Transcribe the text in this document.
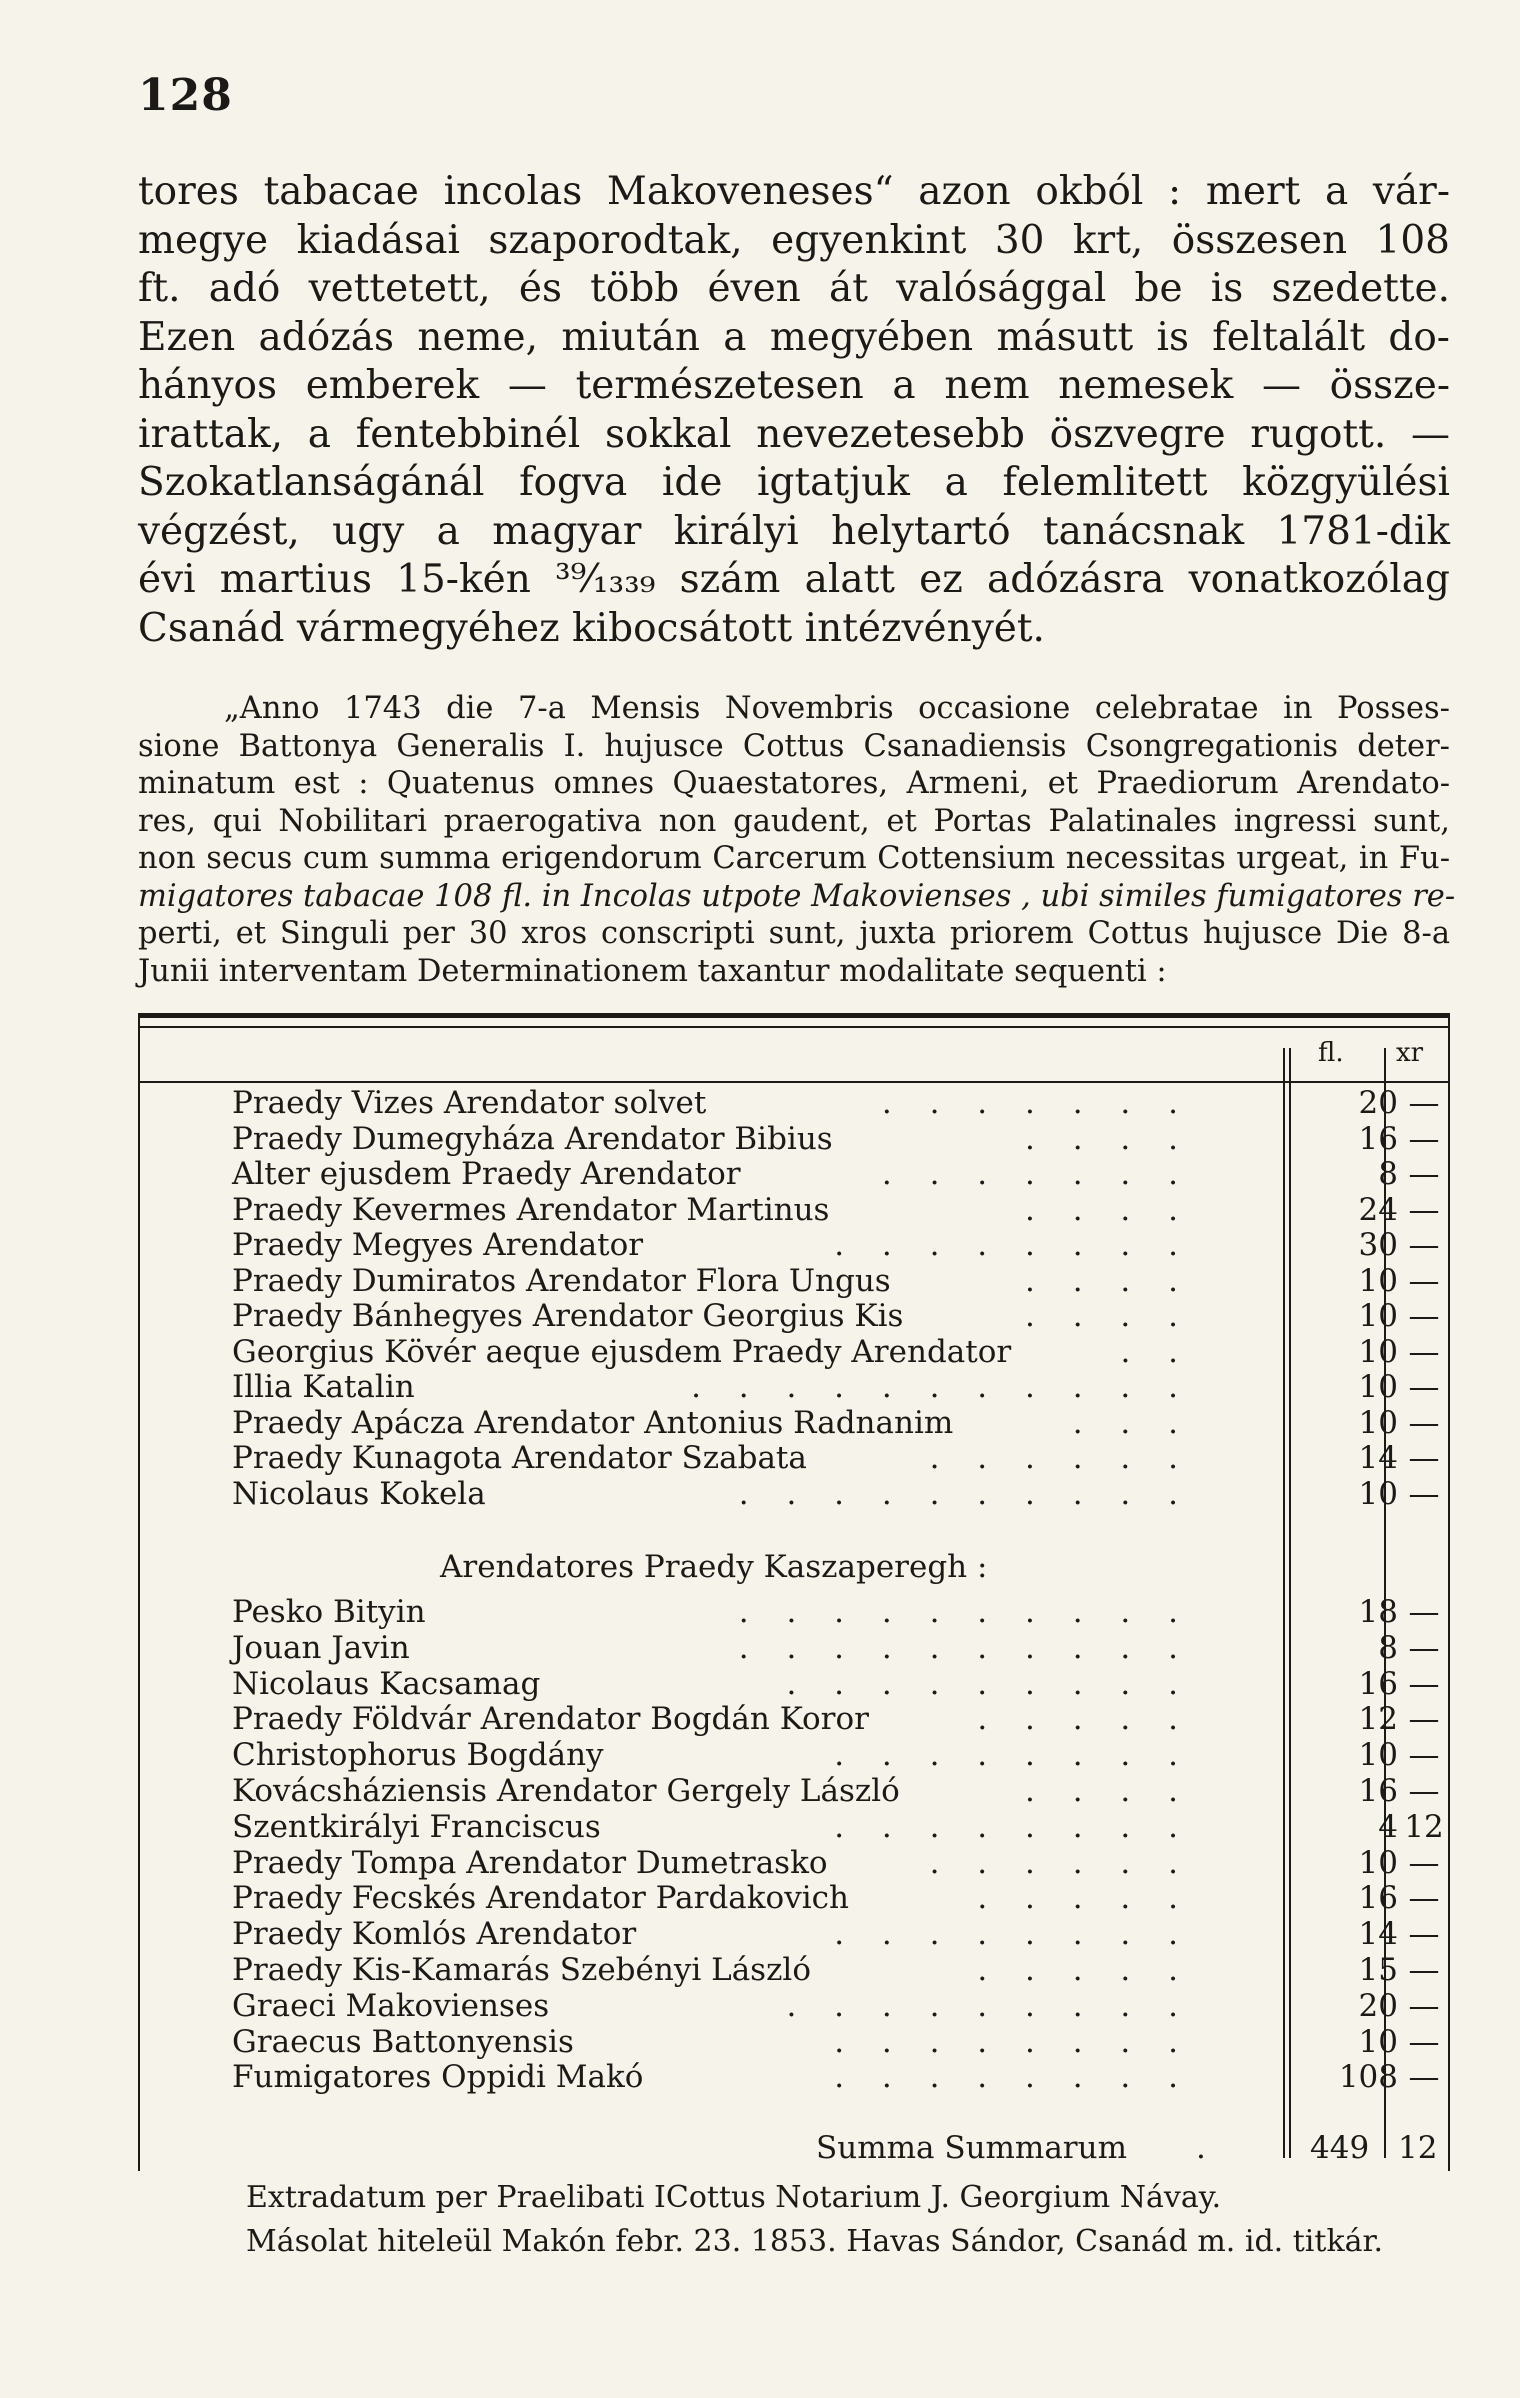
128
tores tabacae incolas Makoveneses“ azon okból : mert a vár-
megye kiadásai szaporodtak, egyenkint 30 krt, összesen 108
ft. adó vettetett, és több éven át valósággal be is szedette.
Ezen adózás neme, miután a megyében másutt is feltalált do-
hányos emberek — természetesen a nem nemesek — össze-
irattak, a fentebbinél sokkal nevezetesebb öszvegre rugott. —
Szokatlanságánál fogva ide igtatjuk a felemlitett közgyülési
végzést, ugy a magyar királyi helytartó tanácsnak 1781-dik
évi martius 15-kén ³⁹⁄₁₃₃₉ szám alatt ez adózásra vonatkozólag
Csanád vármegyéhez kibocsátott intézvényét.
„Anno 1743 die 7-a Mensis Novembris occasione celebratae in Posses-
sione Battonya Generalis I. hujusce Cottus Csanadiensis Csongregationis deter-
minatum est : Quatenus omnes Quaestatores, Armeni, et Praediorum Arendato-
res, qui Nobilitari praerogativa non gaudent, et Portas Palatinales ingressi sunt,
non secus cum summa erigendorum Carcerum Cottensium necessitas urgeat, in Fu-
migatores tabacae 108 fl. in Incolas utpote Makovienses , ubi similes fumigatores re-
perti, et Singuli per 30 xros conscripti sunt, juxta priorem Cottus hujusce Die 8-a
Junii interventam Determinationem taxantur modalitate sequenti :
fl. xr
Praedy Vizes Arendator solvet	. . . . . . .	20 —
Praedy Dumegyháza Arendator Bibius	. . . .	16 —
Alter ejusdem Praedy Arendator	. . . . . . .	8 —
Praedy Kevermes Arendator Martinus	. . . .	24 —
Praedy Megyes Arendator	. . . . . . . .	30 —
Praedy Dumiratos Arendator Flora Ungus	. . . .	10 —
Praedy Bánhegyes Arendator Georgius Kis	. . . .	10 —
Georgius Kövér aeque ejusdem Praedy Arendator	. .	10 —
Illia Katalin	. . . . . . . . . . .	10 —
Praedy Apácza Arendator Antonius Radnanim	. . .	10 —
Praedy Kunagota Arendator Szabata	. . . . . .	14 —
Nicolaus Kokela	. . . . . . . . . .	10 —
Arendatores Praedy Kaszaperegh :
Pesko Bityin	. . . . . . . . . .	18 —
Jouan Javin	. . . . . . . . . .	8 —
Nicolaus Kacsamag	. . . . . . . . .	16 —
Praedy Földvár Arendator Bogdán Koror	. . . . .	12 —
Christophorus Bogdány	. . . . . . . .	10 —
Kovácsháziensis Arendator Gergely László	. . . .	16 —
Szentkirályi Franciscus	. . . . . . . .	4 12
Praedy Tompa Arendator Dumetrasko	. . . . . .	10 —
Praedy Fecskés Arendator Pardakovich	. . . . .	16 —
Praedy Komlós Arendator	. . . . . . . .	14 —
Praedy Kis-Kamarás Szebényi László	. . . . .	15 —
Graeci Makovienses	. . . . . . . . .	20 —
Graecus Battonyensis	. . . . . . . .	10 —
Fumigatores Oppidi Makó	. . . . . . . .	108 —
Summa Summarum .	449 12
Extradatum per Praelibati ICottus Notarium J. Georgium Návay.
Másolat hiteleül Makón febr. 23. 1853. Havas Sándor, Csanád m. id. titkár.
